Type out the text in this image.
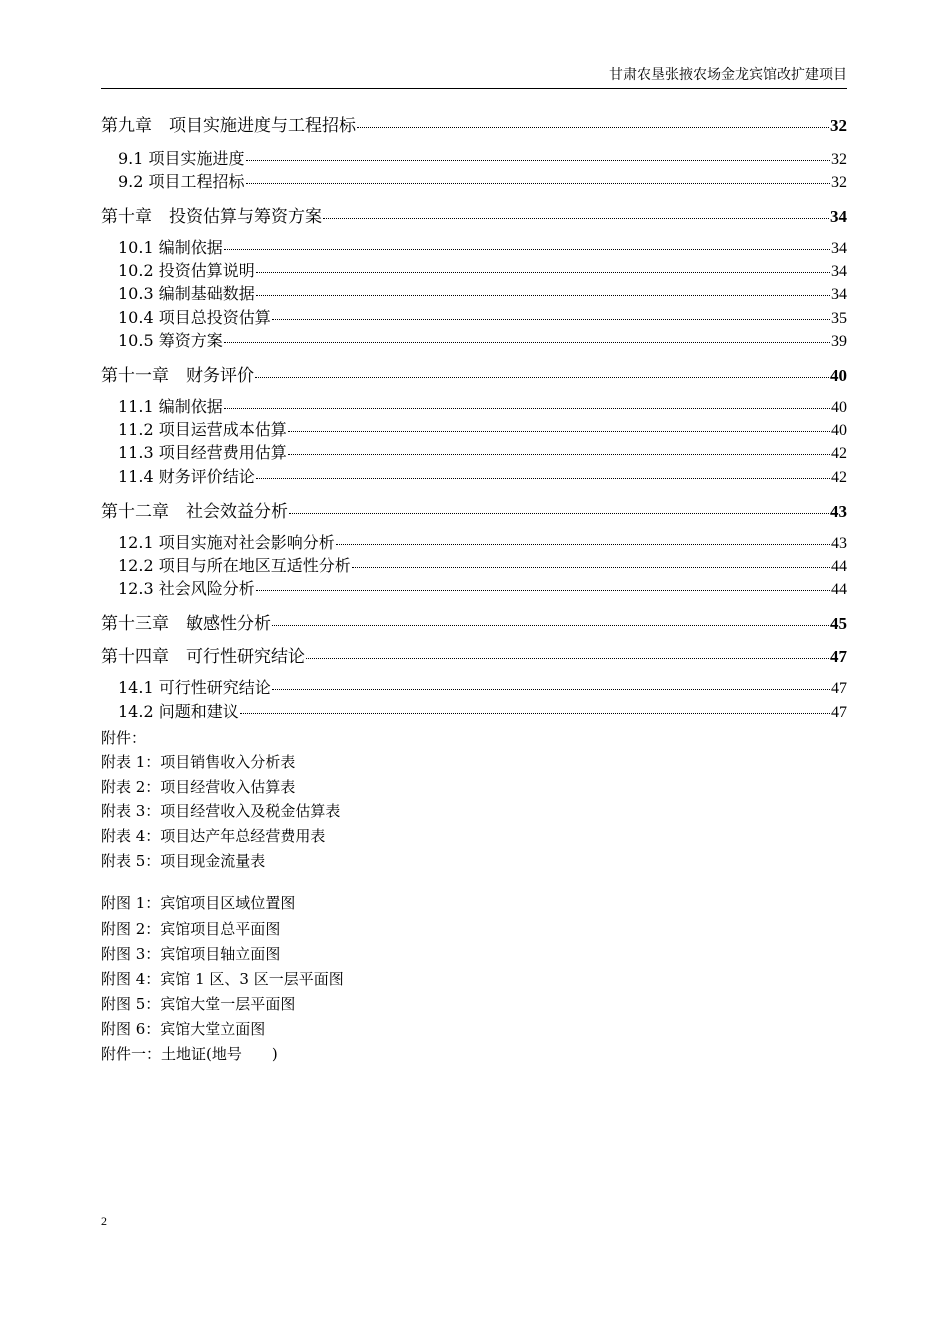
甘肃农垦张掖农场金龙宾馆改扩建项目
第九章　项目实施进度与工程招标	32
9.1 项目实施进度	32
9.2 项目工程招标	32
第十章　投资估算与筹资方案	34
10.1 编制依据	34
10.2 投资估算说明	34
10.3 编制基础数据	34
10.4 项目总投资估算	35
10.5 筹资方案	39
第十一章　财务评价	40
11.1 编制依据	40
11.2 项目运营成本估算	40
11.3 项目经营费用估算	42
11.4 财务评价结论	42
第十二章　社会效益分析	43
12.1 项目实施对社会影响分析	43
12.2 项目与所在地区互适性分析	44
12.3 社会风险分析	44
第十三章　敏感性分析	45
第十四章　可行性研究结论	47
14.1 可行性研究结论	47
14.2 问题和建议	47
附件：
附表 1：项目销售收入分析表
附表 2：项目经营收入估算表
附表 3：项目经营收入及税金估算表
附表 4：项目达产年总经营费用表
附表 5：项目现金流量表
附图 1：宾馆项目区域位置图
附图 2：宾馆项目总平面图
附图 3：宾馆项目轴立面图
附图 4：宾馆 1 区、3 区一层平面图
附图 5：宾馆大堂一层平面图
附图 6：宾馆大堂立面图
附件一：土地证(地号　　)
2
